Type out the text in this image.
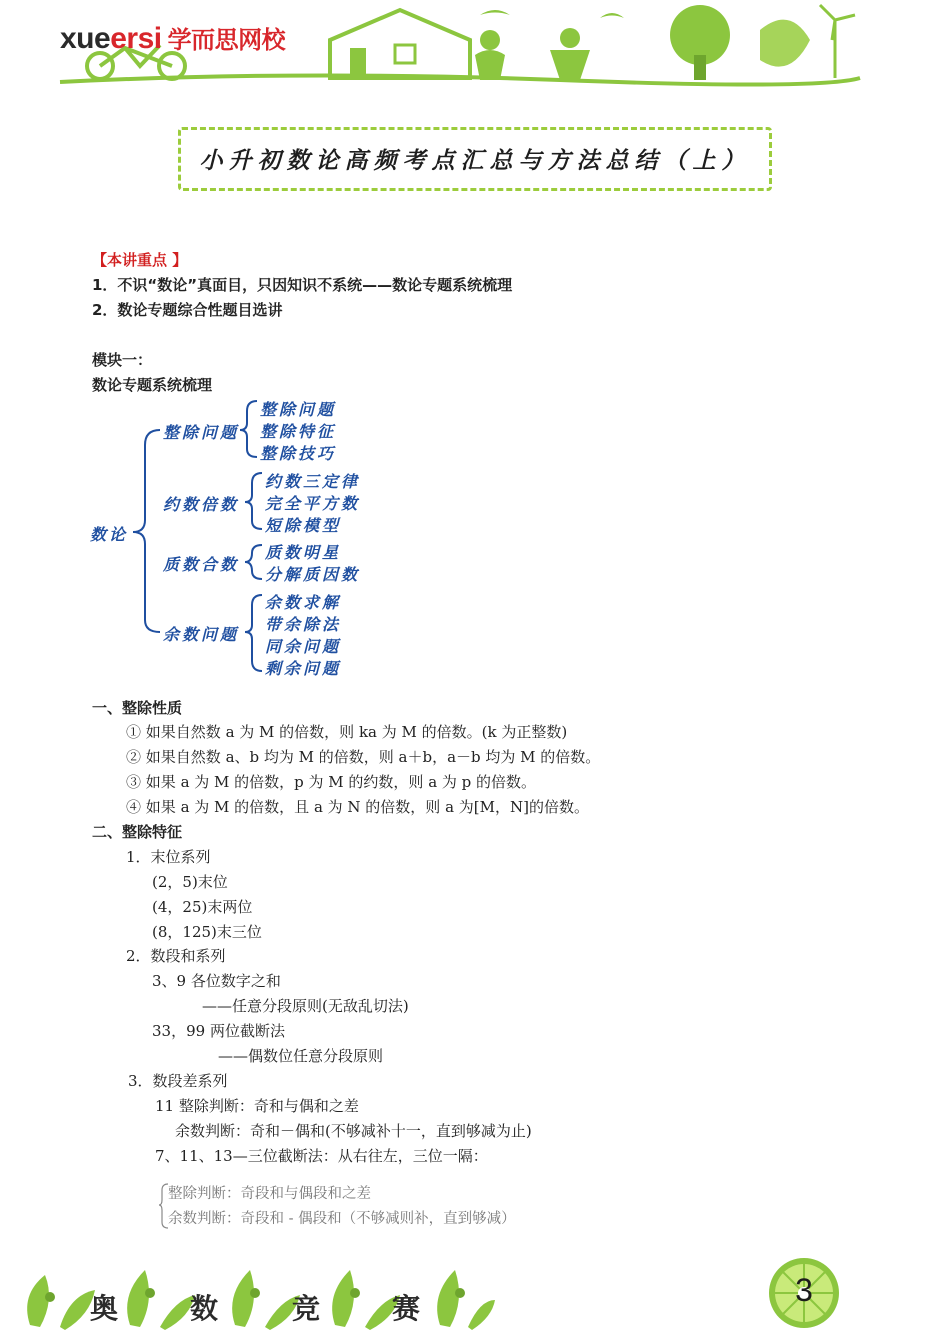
xueersi 学而思网校
小升初数论高频考点汇总与方法总结（上）
【本讲重点 】
1．不识“数论”真面目，只因知识不系统——数论专题系统梳理
2．数论专题综合性题目选讲
模块一：
数论专题系统梳理
数论
整除问题
整除问题
整除特征
整除技巧
约数倍数
约数三定律
完全平方数
短除模型
质数合数
质数明星
分解质因数
余数问题
余数求解
带余除法
同余问题
剩余问题
一、整除性质
① 如果自然数 a 为 M 的倍数，则 ka 为 M 的倍数。(k 为正整数)
② 如果自然数 a、b 均为 M 的倍数，则 a＋b，a－b 均为 M 的倍数。
③ 如果 a 为 M 的倍数，p 为 M 的约数，则 a 为 p 的倍数。
④ 如果 a 为 M 的倍数，且 a 为 N 的倍数，则 a 为[M，N]的倍数。
二、整除特征
1．末位系列
(2，5)末位
(4，25)末两位
(8，125)末三位
2．数段和系列
3、9 各位数字之和
——任意分段原则(无敌乱切法)
33，99 两位截断法
——偶数位任意分段原则
3．数段差系列
11 整除判断：奇和与偶和之差
余数判断：奇和－偶和(不够减补十一，直到够减为止)
7、11、13—三位截断法：从右往左，三位一隔：
整除判断：奇段和与偶段和之差
余数判断：奇段和 - 偶段和（不够减则补，直到够减）
奥	数	竞	赛
3
